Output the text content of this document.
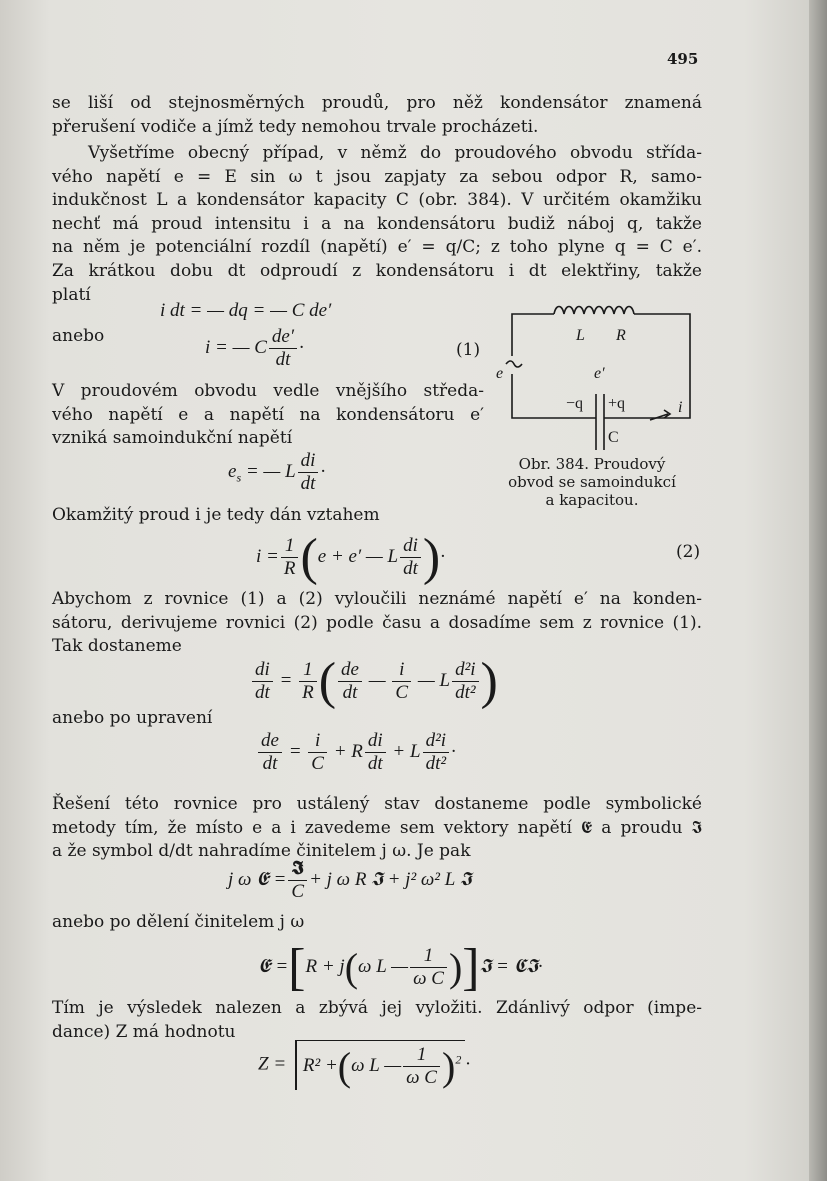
495
se liší od stejnosměrných proudů, pro něž kondensátor znamená
přerušení vodiče a jímž tedy nemohou trvale procházeti.
Vyšetříme obecný případ, v němž do proudového obvodu střída-
vého napětí e = E sin ω t jsou zapjaty za sebou odpor R, samo-
indukčnost L a kondensátor kapacity C (obr. 384). V určitém okamžiku
nechť má proud intensitu i a na kondensátoru budiž náboj q, takže
na něm je potenciální rozdíl (napětí) e′ = q/C; z toho plyne q = C e′.
Za krátkou dobu dt odproudí z kondensátoru i dt elektřiny, takže
platí
i dt = — dq = — C de′
anebo
i = — C $\frac{de'}{dt}$ ·	(1)
V proudovém obvodu vedle vnějšího středa-
vého napětí e a napětí na kondensátoru e′
vzniká samoindukční napětí
$e_s$ = — L $\frac{di}{dt}$ ·
Okamžitý proud i je tedy dán vztahem
$i = \frac{1}{R} (e + e'$ — L $\frac{di}{dt}$ )·	(2)
Abychom z rovnice (1) a (2) vyloučili neznámé napětí e′ na konden-
sátoru, derivujeme rovnici (2) podle času a dosadíme sem z rovnice (1).
Tak dostaneme
$\frac{di}{dt} = \frac{1}{R}$ ( $\frac{de}{dt}$ — $\frac{i}{C}$ — L $\frac{\text{d²i}}{\text{dt²}}$ )
anebo po upravení
$\frac{de}{dt} = \frac{i}{C} + R \frac{di}{dt} + L \frac{\text{d²i}}{\text{dt²}}$ ·
Řešení této rovnice pro ustálený stav dostaneme podle symbolické
metody tím, že místo e a i zavedeme sem vektory napětí 𝕰 a proudu 𝕴
a že symbol d/dt nahradíme činitelem j ω. Je pak
j ω 𝕰 = $\frac{\text{𝕴}}{C} + j$ ω R 𝕴 + j² ω² L 𝕴
anebo po dělení činitelem j ω
𝕰 =[R + j(ω L — $\frac{1}{\text{ω C}}$ )]𝕴 = 𝕮𝕴·
Tím je výsledek nalezen a zbývá jej vyložiti. Zdánlivý odpor (impe-
dance) Z má hodnotu
Z = R² +(ω L — $\frac{1}{\text{ω C}} )^2$ ·
L R
e	e′
−q +q
C
i
Obr. 384. Proudový
obvod se samoindukcí
a kapacitou.
